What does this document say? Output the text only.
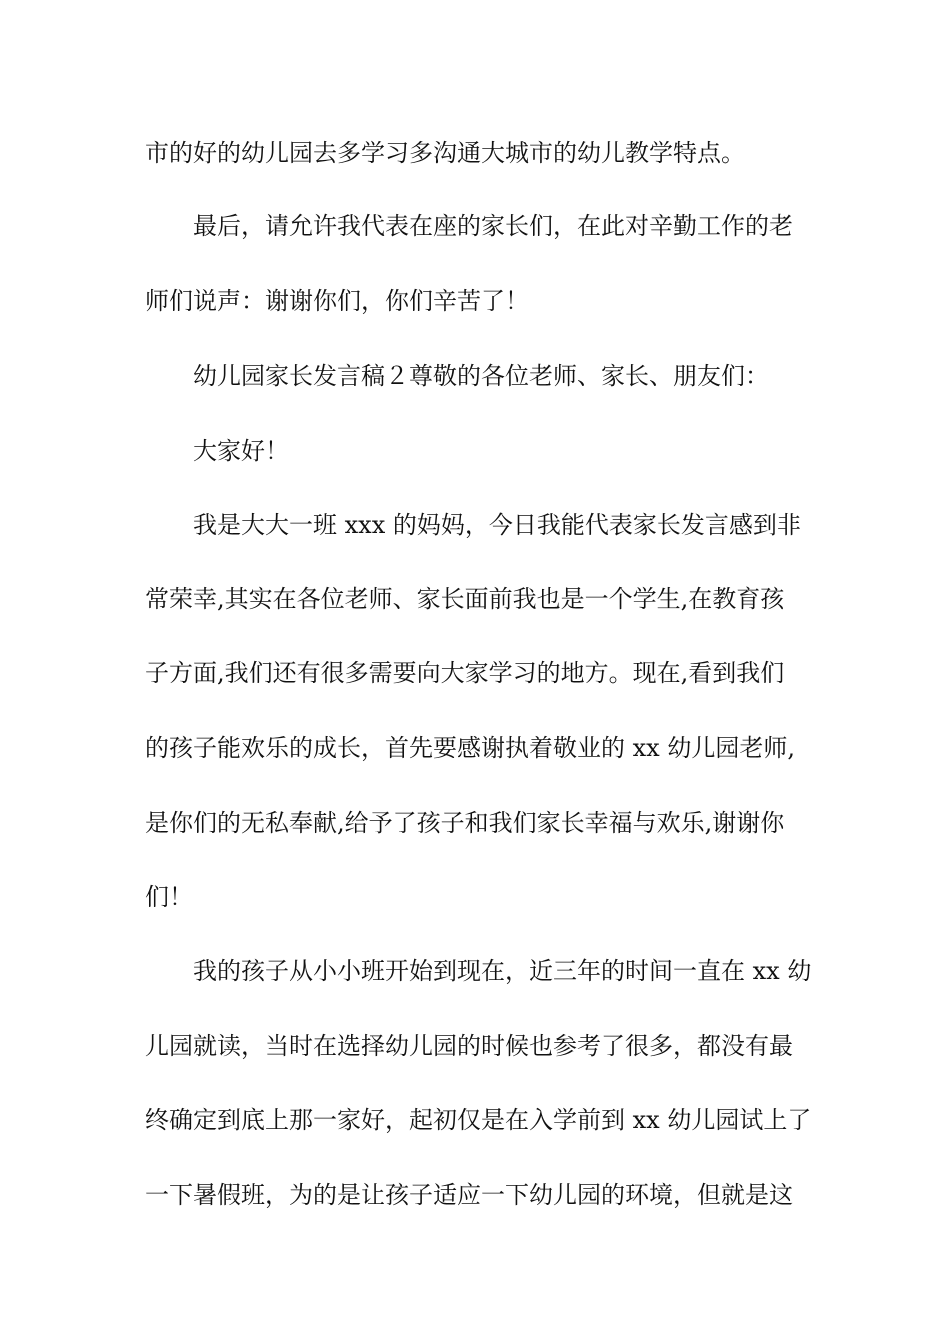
市的好的幼儿园去多学习多沟通大城市的幼儿教学特点。
最后，请允许我代表在座的家长们，在此对辛勤工作的老
师们说声：谢谢你们，你们辛苦了！
幼儿园家长发言稿２尊敬的各位老师、家长、朋友们：
大家好！
我是大大一班 xxx 的妈妈，今日我能代表家长发言感到非
常荣幸,其实在各位老师、家长面前我也是一个学生,在教育孩
子方面,我们还有很多需要向大家学习的地方。现在,看到我们
的孩子能欢乐的成长，首先要感谢执着敬业的 xx 幼儿园老师,
是你们的无私奉献,给予了孩子和我们家长幸福与欢乐,谢谢你
们！
我的孩子从小小班开始到现在，近三年的时间一直在 xx 幼
儿园就读，当时在选择幼儿园的时候也参考了很多，都没有最
终确定到底上那一家好，起初仅是在入学前到 xx 幼儿园试上了
一下暑假班，为的是让孩子适应一下幼儿园的环境，但就是这
